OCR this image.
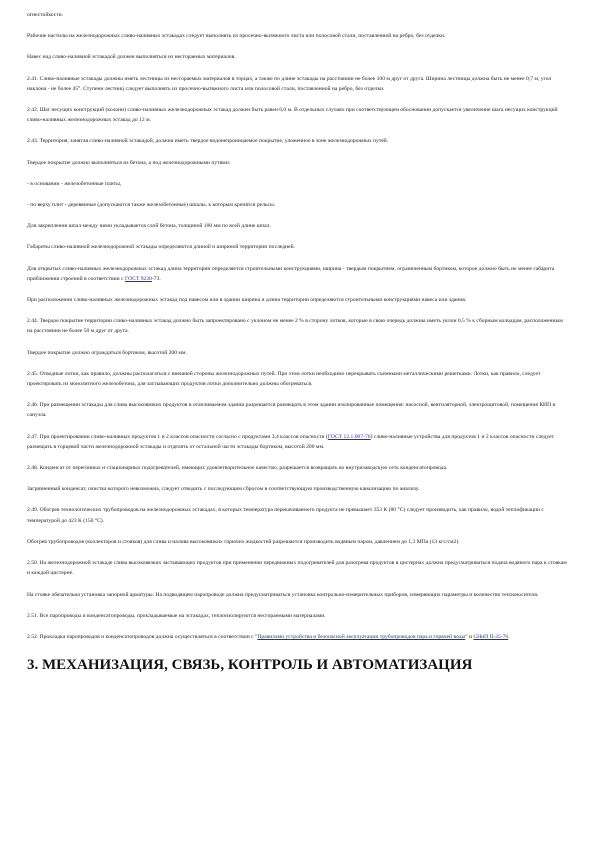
огнестойкости.

Рабочие настилы на железнодорожных сливо-наливных эстакадах следует выполнять из просечно-вытяжного листа или полосовой стали, поставленной на ребро, без отделки.

Навес над сливо-наливной эстакадой должен выполняться из несгораемых материалов.

2.41. Сливо-наливные эстакады должны иметь лестницы из несгораемых материалов в торцах, а также по длине эстакады на расстоянии не более 100 м друг от друга. Ширина лестницы должна быть не менее 0,7 м, угол наклона - не более 45°. Ступени лестниц следует выполнять из просечно-вытяжного листа или полосовой стали, поставленной на ребро, без отделки.

2.42. Шаг несущих конструкций (колонн) сливо-наливных железнодорожных эстакад должен быть равен 6,0 м. В отдельных случаях при соответствующем обосновании допускается увеличение шага несущих конструкций сливо-наливных железнодорожных эстакад до 12 м.

2.43. Территория, занятая сливо-наливной эстакадой, должна иметь твердое водонепроницаемое покрытие, уложенное в зоне железнодорожных путей.

Твердое покрытие должно выполняться из бетона, а под железнодорожными путями:

- в основании - железобетонные плиты,

- по верху плит - деревянные (допускаются также железобетонные) шпалы, к которым крепятся рельсы.

Для закрепления шпал между ними укладывается слой бетона, толщиной 100 мм по всей длине шпал.

Габариты сливо-наливной железнодорожной эстакады определяются длиной и шириной территории последней.

Для открытых сливо-наливных железнодорожных эстакад длина территории определяется строительными конструкциями, ширина - твердым покрытием, ограниченным бортиком, которое должно быть не менее габарита приближения строений в соответствии с ГОСТ 9238-73.

При расположении сливо-наливных железнодорожных эстакад под навесом или в здании ширина и длина территории определяются строительными конструкциями навеса или здания.

2.44. Твердое покрытие территории сливо-наливных эстакад должно быть запроектировано с уклоном не менее 2 % в сторону лотков, которые в свою очередь должны иметь уклон 0,5 % к сборным колодцам, расположенным на расстоянии не более 50 м друг от друга.

Твердое покрытие должно ограждаться бортиком, высотой 200 мм.

2.45. Отводные лотки, как правило, должны располагаться с внешней стороны железнодорожных путей. При этом лотки необходимо перекрывать съемными металлическими решетками. Лотки, как правило, следует проектировать из монолитного железобетона, для застывающих продуктов лотки дополнительно должны обогреваться.

2.46. При размещении эстакады для слива высоковязких продуктов в отапливаемом здании разрешается размещать в этом здании изолированные помещения: насосной, вентиляторной, электрощитовой, помещения КИП и санузла.

2.47. При проектировании сливо-наливных продуктов 1 и 2 классов опасности согласно с продуктами 3,4 классов опасности (ГОСТ 12.1.007-76) сливо-наливные устройства для продуктов 1 и 2 классов опасности следует размещать в торцевой части железнодорожной эстакады и отделять от остальной части эстакады бортиком, высотой 200 мм.

2.48. Конденсат от перегонных и стационарных подогревателей, имеющих удовлетворительное качество, разрешается возвращать во внутризаводскую сеть конденсатопровода.

Загрязненный конденсат, очистка которого невозможна, следует отводить с последующим сбросом в соответствующую производственную канализацию по анализу.

2.49. Обогрев технологических трубопроводов на железнодорожных эстакадах, в которых температура перекачиваемого продукта не превышает 353 К (80 °С) следует производить, как правило, водой теплофикации с температурой до 423 К (150 °С).

Обогрев трубопроводов (коллекторов и стояков) для слива и налива высоковязких горючих жидкостей разрешается производить водяным паром, давлением до 1,3 МПа (13 кгс/см2).

2.50. На железнодорожной эстакаде слива высоковязких застывающих продуктов при применении передвижных подогревателей для разогрева продуктов в цистернах должна предусматриваться подача водяного пара к стоякам и каждой цистерне.

На стояке обязательна установка запорной арматуры. На подводящем паропроводе должна предусматриваться установка контрольно-измерительных приборов, измеряющих параметры и количество теплоносителя.

2.51. Все паропроводы и конденсатопроводы, прокладываемые на эстакадах, теплоизолируются несгораемыми материалами.

2.52. Прокладка паропроводов и конденсатопроводов должна осуществляться в соответствии с "Правилами устройства и безопасной эксплуатации трубопроводов пара и горячей воды" и СНиП II-35-76.

3. МЕХАНИЗАЦИЯ, СВЯЗЬ, КОНТРОЛЬ И АВТОМАТИЗАЦИЯ
